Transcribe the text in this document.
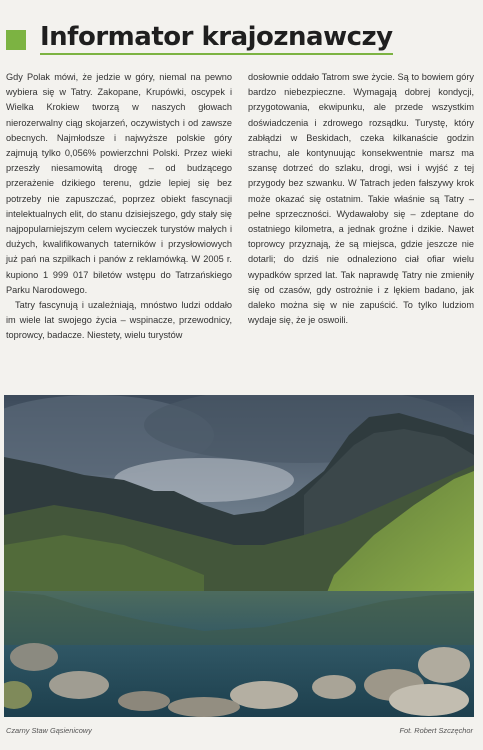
Informator krajoznawczy

Gdy Polak mówi, że jedzie w góry, niemal na pewno wybiera się w Tatry. Zakopane, Krupówki, oscypek i Wielka Krokiew tworzą w naszych głowach nierozerwalny ciąg skojarzeń, oczywistych i od zawsze obecnych. Najmłodsze i najwyższe polskie góry zajmują tylko 0,056% powierzchni Polski. Przez wieki przeszły niesamowitą drogę – od budzącego przerażenie dzikiego terenu, gdzie lepiej się bez potrzeby nie zapuszczać, poprzez obiekt fascynacji intelektualnych elit, do stanu dzisiejszego, gdy stały się najpopularniejszym celem wycieczek turystów małych i dużych, kwalifikowanych taterników i przysłowiowych już pań na szpilkach i panów z reklamówką. W 2005 r. kupiono 1 999 017 biletów wstępu do Tatrzańskiego Parku Narodowego.

Tatry fascynują i uzależniają, mnóstwo ludzi oddało im wiele lat swojego życia – wspinacze, przewodnicy, toprowcy, badacze. Niestety, wielu turystów

dosłownie oddało Tatrom swe życie. Są to bowiem góry bardzo niebezpieczne. Wymagają dobrej kondycji, przygotowania, ekwipunku, ale przede wszystkim doświadczenia i zdrowego rozsądku. Turystę, który zabłądzi w Beskidach, czeka kilkanaście godzin strachu, ale kontynuując konsekwentnie marsz ma szansę dotrzeć do szlaku, drogi, wsi i wyjść z tej przygody bez szwanku. W Tatrach jeden fałszywy krok może okazać się ostatnim. Takie właśnie są Tatry – pełne sprzeczności. Wydawałoby się – zdeptane do ostatniego kilometra, a jednak groźne i dzikie. Nawet toprowcy przyznają, że są miejsca, gdzie jeszcze nie dotarli; do dziś nie odnaleziono ciał ofiar wielu wypadków sprzed lat. Tak naprawdę Tatry nie zmieniły się od czasów, gdy ostrożnie i z lękiem badano, jak daleko można się w nie zapuścić. To tylko ludziom wydaje się, że je oswoili.

Czarny Staw Gąsienicowy	Fot. Robert Szczęchor
